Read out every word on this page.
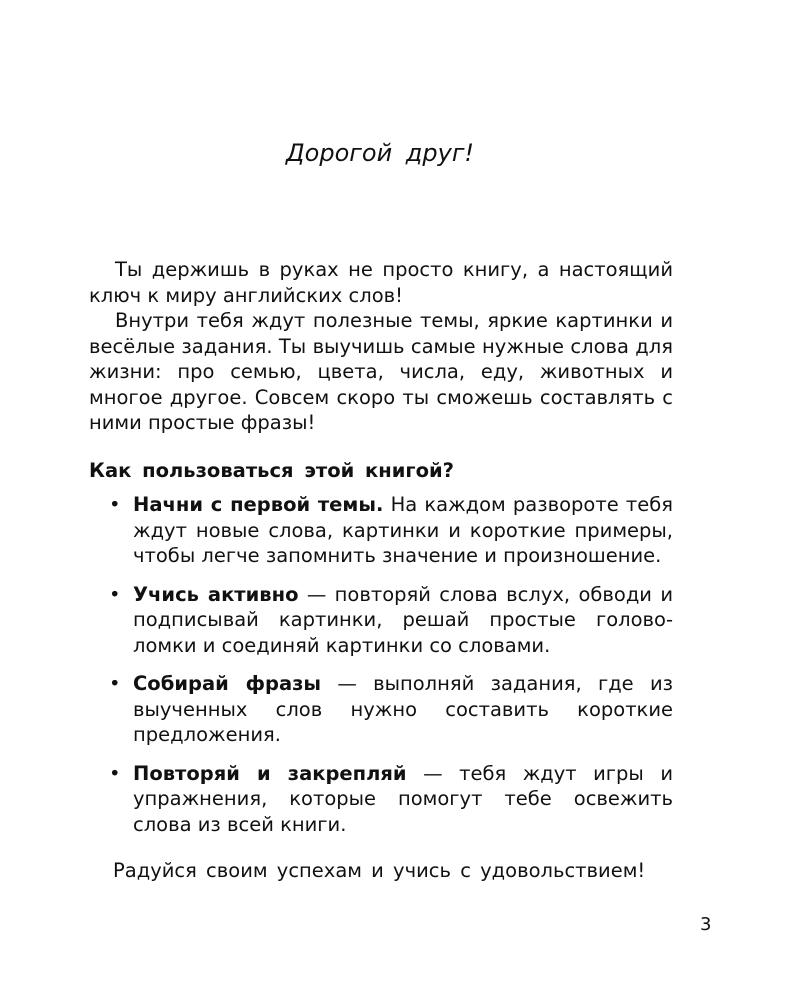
Дорогой друг!

Ты держишь в руках не просто книгу, а настоящий ключ к миру английских слов!

Внутри тебя ждут полезные темы, яркие картинки и весёлые задания. Ты выучишь самые нужные слова для жизни: про семью, цвета, числа, еду, животных и многое другое. Совсем скоро ты сможешь составлять с ними простые фразы!

Как пользоваться этой книгой?
• Начни с первой темы. На каждом развороте тебя ждут новые слова, картинки и короткие примеры, чтобы легче запомнить значение и произношение.
• Учись активно — повторяй слова вслух, обводи и подписывай картинки, решай простые головоломки и соединяй картинки со словами.
• Собирай фразы — выполняй задания, где из выученных слов нужно составить короткие предложения.
• Повторяй и закрепляй — тебя ждут игры и упражнения, которые помогут тебе освежить слова из всей книги.
Радуйся своим успехам и учись с удовольствием!
3
